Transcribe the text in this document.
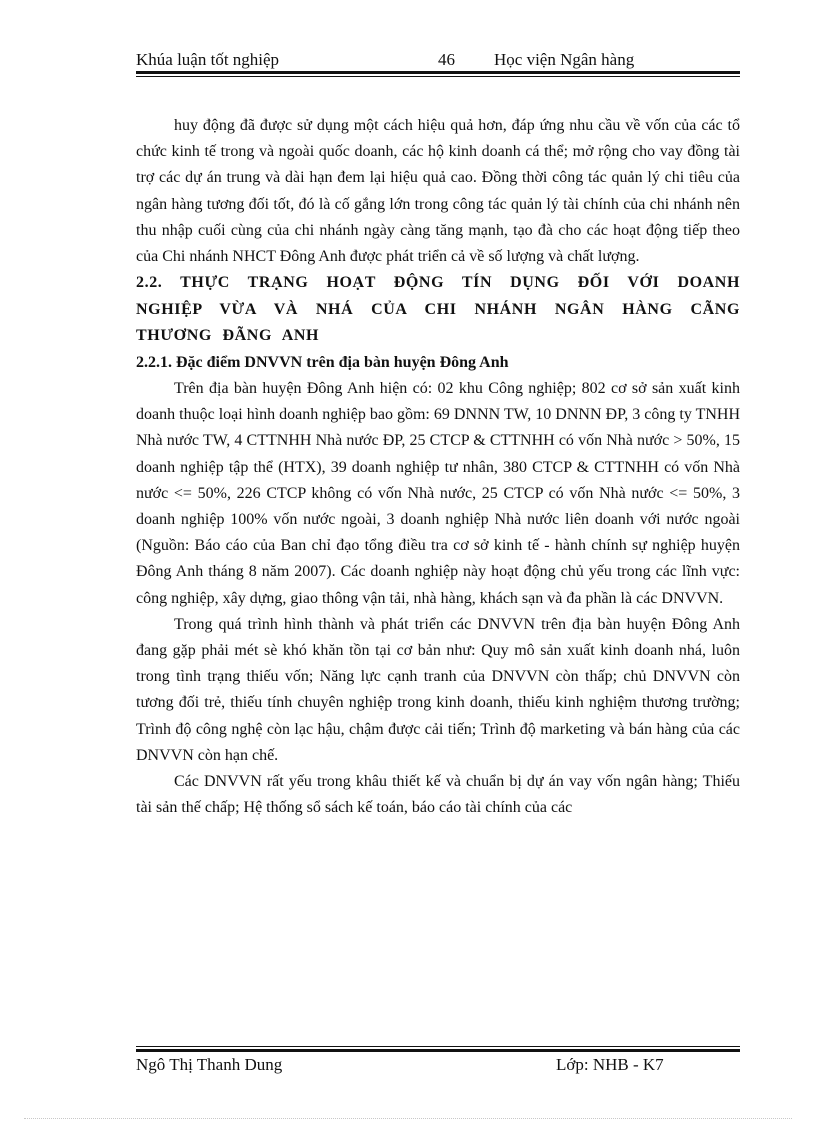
Khúa luận tốt nghiệp	46 Học viện Ngân hàng

huy động đã được sử dụng một cách hiệu quả hơn, đáp ứng nhu cầu về vốn của các tổ chức kinh tế trong và ngoài quốc doanh, các hộ kinh doanh cá thể; mở rộng cho vay đồng tài trợ các dự án trung và dài hạn đem lại hiệu quả cao. Đồng thời công tác quản lý chi tiêu của ngân hàng tương đối tốt, đó là cố gắng lớn trong công tác quản lý tài chính của chi nhánh nên thu nhập cuối cùng của chi nhánh ngày càng tăng mạnh, tạo đà cho các hoạt động tiếp theo của Chi nhánh NHCT Đông Anh được phát triển cả về số lượng và chất lượng.

2.2. THỰC TRẠNG HOẠT ĐỘNG TÍN DỤNG ĐỐI VỚI DOANH NGHIỆP VỪA VÀ NHÁ CỦA CHI NHÁNH NGÂN HÀNG CÃNG THƯƠNG ĐÃNG ANH
2.2.1. Đặc điểm DNVVN trên địa bàn huyện Đông Anh

Trên địa bàn huyện Đông Anh hiện có: 02 khu Công nghiệp; 802 cơ sở sản xuất kinh doanh thuộc loại hình doanh nghiệp bao gồm: 69 DNNN TW, 10 DNNN ĐP, 3 công ty TNHH Nhà nước TW, 4 CTTNHH Nhà nước ĐP, 25 CTCP & CTTNHH có vốn Nhà nước > 50%, 15 doanh nghiệp tập thể (HTX), 39 doanh nghiệp tư nhân, 380 CTCP & CTTNHH có vốn Nhà nước <= 50%, 226 CTCP không có vốn Nhà nước, 25 CTCP có vốn Nhà nước <= 50%, 3 doanh nghiệp 100% vốn nước ngoài, 3 doanh nghiệp Nhà nước liên doanh với nước ngoài (Nguồn: Báo cáo của Ban chỉ đạo tổng điều tra cơ sở kinh tế - hành chính sự nghiệp huyện Đông Anh tháng 8 năm 2007). Các doanh nghiệp này hoạt động chủ yếu trong các lĩnh vực: công nghiệp, xây dựng, giao thông vận tải, nhà hàng, khách sạn và đa phần là các DNVVN.

Trong quá trình hình thành và phát triển các DNVVN trên địa bàn huyện Đông Anh đang gặp phải mét sè khó khăn tồn tại cơ bản như: Quy mô sản xuất kinh doanh nhá, luôn trong tình trạng thiếu vốn; Năng lực cạnh tranh của DNVVN còn thấp; chủ DNVVN còn tương đối trẻ, thiếu tính chuyên nghiệp trong kinh doanh, thiếu kinh nghiệm thương trường; Trình độ công nghệ còn lạc hậu, chậm được cải tiến; Trình độ marketing và bán hàng của các DNVVN còn hạn chế.

Các DNVVN rất yếu trong khâu thiết kế và chuẩn bị dự án vay vốn ngân hàng; Thiếu tài sản thế chấp; Hệ thống sổ sách kế toán, báo cáo tài chính của các

Ngô Thị Thanh Dung	Lớp: NHB - K7
